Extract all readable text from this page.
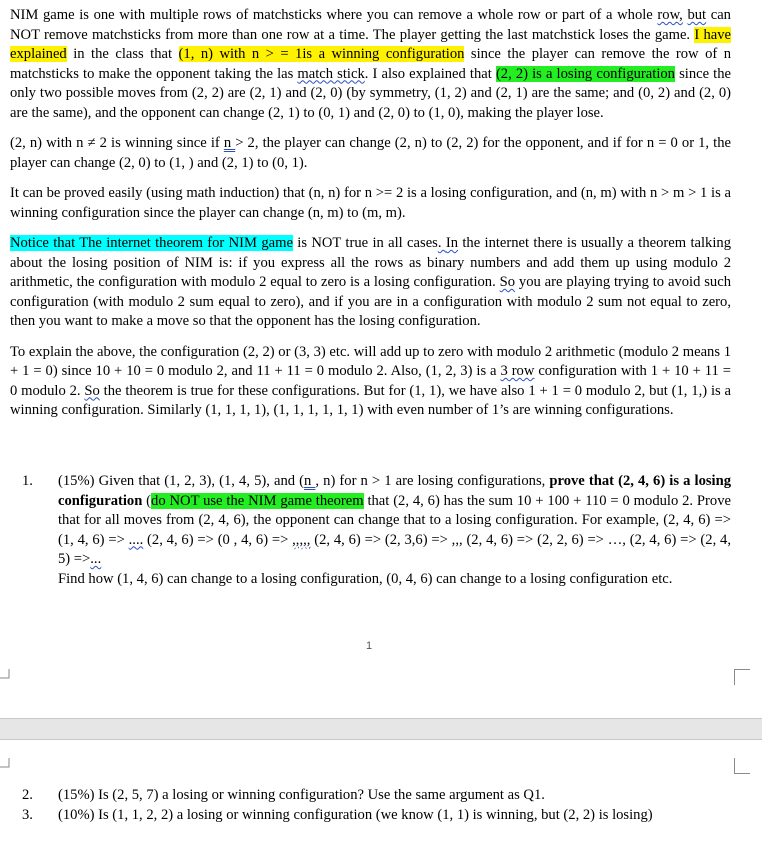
NIM game is one with multiple rows of matchsticks where you can remove a whole row or part of a whole row, but can NOT remove matchsticks from more than one row at a time. The player getting the last matchstick loses the game. I have explained in the class that (1, n) with n > = 1is a winning configuration since the player can remove the row of n matchsticks to make the opponent taking the las match stick. I also explained that (2, 2) is a losing configuration since the only two possible moves from (2, 2) are (2, 1) and (2, 0) (by symmetry, (1, 2) and (2, 1) are the same; and (0, 2) and (2, 0) are the same), and the opponent can change (2, 1) to (0, 1) and (2, 0) to (1, 0), making the player lose.

(2, n) with n ≠ 2 is winning since if n > 2, the player can change (2, n) to (2, 2) for the opponent, and if for n = 0 or 1, the player can change (2, 0) to (1, ) and (2, 1) to (0, 1).

It can be proved easily (using math induction) that (n, n) for n >= 2 is a losing configuration, and (n, m) with n > m > 1 is a winning configuration since the player can change (n, m) to (m, m).

Notice that The internet theorem for NIM game is NOT true in all cases. In the internet there is usually a theorem talking about the losing position of NIM is: if you express all the rows as binary numbers and add them up using modulo 2 arithmetic, the configuration with modulo 2 equal to zero is a losing configuration. So you are playing trying to avoid such configuration (with modulo 2 sum equal to zero), and if you are in a configuration with modulo 2 sum not equal to zero, then you want to make a move so that the opponent has the losing configuration.

To explain the above, the configuration (2, 2) or (3, 3) etc. will add up to zero with modulo 2 arithmetic (modulo 2 means 1 + 1 = 0) since 10 + 10 = 0 modulo 2, and 11 + 11 = 0 modulo 2. Also, (1, 2, 3) is a 3 row configuration with 1 + 10 + 11 = 0 modulo 2. So the theorem is true for these configurations. But for (1, 1), we have also 1 + 1 = 0 modulo 2, but (1, 1,) is a winning configuration. Similarly (1, 1, 1, 1), (1, 1, 1, 1, 1, 1) with even number of 1’s are winning configurations.

1. (15%) Given that (1, 2, 3), (1, 4, 5), and (n , n) for n > 1 are losing configurations, prove that (2, 4, 6) is a losing configuration (do NOT use the NIM game theorem that (2, 4, 6) has the sum 10 + 100 + 110 = 0 modulo 2. Prove that for all moves from (2, 4, 6), the opponent can change that to a losing configuration. For example, (2, 4, 6) => (1, 4, 6) => .... (2, 4, 6) => (0 , 4, 6) => ,,,,, (2, 4, 6) => (2, 3,6) => ,,, (2, 4, 6) => (2, 2, 6) => …, (2, 4, 6) => (2, 4, 5) =>...
Find how (1, 4, 6) can change to a losing configuration, (0, 4, 6) can change to a losing configuration etc.
1
2. (15%) Is (2, 5, 7) a losing or winning configuration? Use the same argument as Q1.
3. (10%) Is (1, 1, 2, 2) a losing or winning configuration (we know (1, 1) is winning, but (2, 2) is losing)
